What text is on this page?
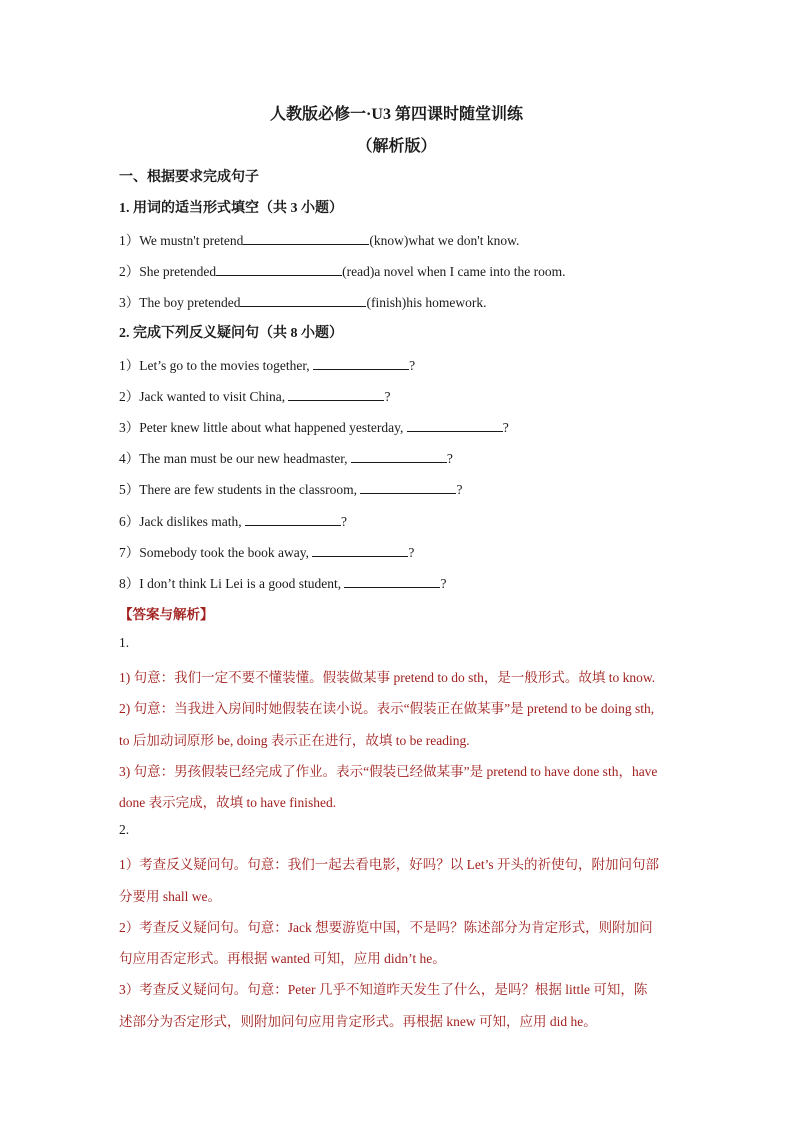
人教版必修一·U3 第四课时随堂训练
（解析版）
一、根据要求完成句子
1. 用词的适当形式填空（共 3 小题）
1）We mustn't pretend	(know)what we don't know.
2）She pretended	(read)a novel when I came into the room.
3）The boy pretended	(finish)his homework.
2. 完成下列反义疑问句（共 8 小题）
1）Let’s go to the movies together,	?
2）Jack wanted to visit China,	?
3）Peter knew little about what happened yesterday,	?
4）The man must be our new headmaster,	?
5）There are few students in the classroom,	?
6）Jack dislikes math,	?
7）Somebody took the book away,	?
8）I don’t think Li Lei is a good student,	?
【答案与解析】
1.
1) 句意：我们一定不要不懂装懂。假装做某事 pretend to do sth，是一般形式。故填 to know.
2) 句意：当我进入房间时她假装在读小说。表示“假装正在做某事”是 pretend to be doing sth,
to 后加动词原形 be, doing 表示正在进行，故填 to be reading.
3) 句意：男孩假装已经完成了作业。表示“假装已经做某事”是 pretend to have done sth，have
done 表示完成，故填 to have finished.
2.
1）考查反义疑问句。句意：我们一起去看电影，好吗？以 Let’s 开头的祈使句，附加问句部
分要用 shall we。
2）考查反义疑问句。句意：Jack 想要游览中国，不是吗？陈述部分为肯定形式，则附加问
句应用否定形式。再根据 wanted 可知，应用 didn’t he。
3）考查反义疑问句。句意：Peter 几乎不知道昨天发生了什么，是吗？根据 little 可知，陈
述部分为否定形式，则附加问句应用肯定形式。再根据 knew 可知，应用 did he。
